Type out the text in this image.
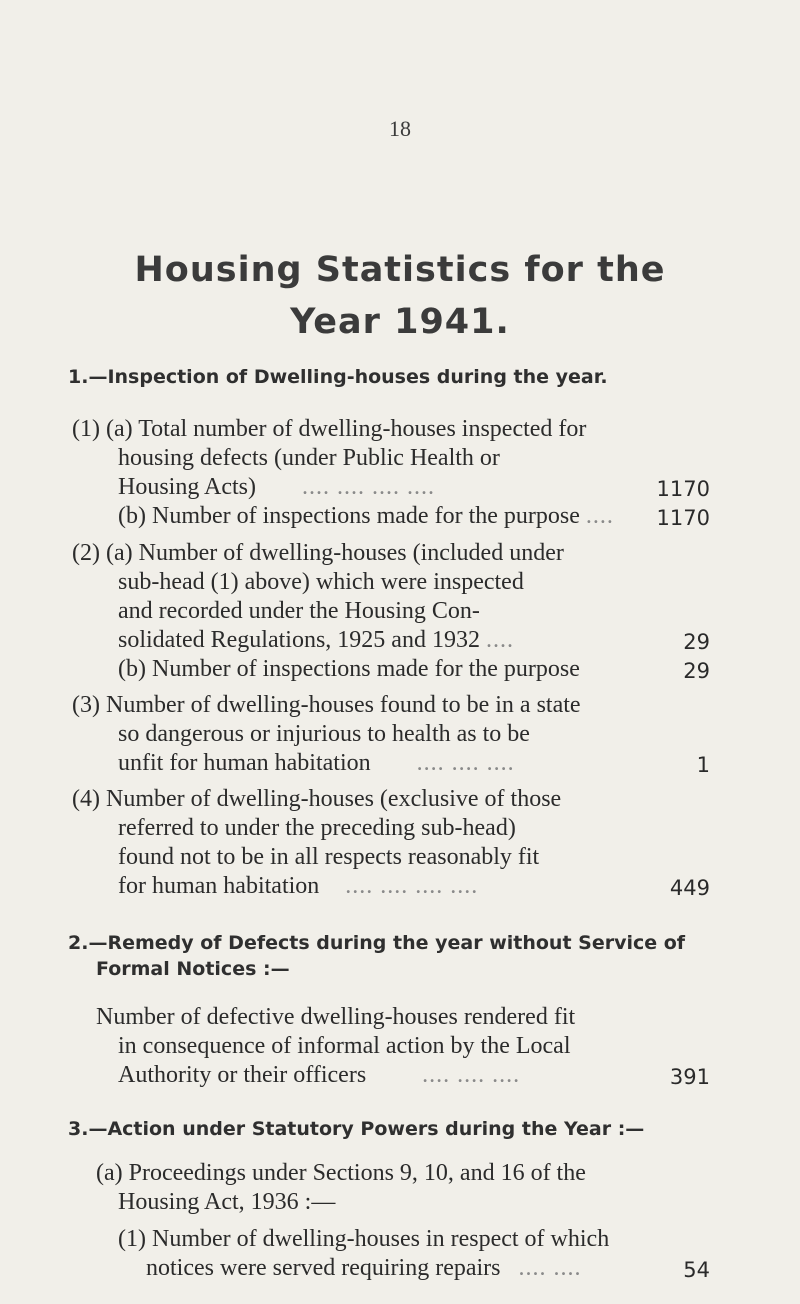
18
Housing Statistics for the
Year 1941.
1.—Inspection of Dwelling-houses during the year.
(1) (a) Total number of dwelling-houses inspected for
housing defects (under Public Health or
Housing Acts) .... .... .... ....	1170
(b) Number of inspections made for the purpose ....	1170
(2) (a) Number of dwelling-houses (included under
sub-head (1) above) which were inspected
and recorded under the Housing Con-
solidated Regulations, 1925 and 1932 ....	29
(b) Number of inspections made for the purpose	29
(3) Number of dwelling-houses found to be in a state
so dangerous or injurious to health as to be
unfit for human habitation .... .... ....	1
(4) Number of dwelling-houses (exclusive of those
referred to under the preceding sub-head)
found not to be in all respects reasonably fit
for human habitation .... .... .... ....	449
2.—Remedy of Defects during the year without Service of
Formal Notices :—
Number of defective dwelling-houses rendered fit
in consequence of informal action by the Local
Authority or their officers .... .... ....	391
3.—Action under Statutory Powers during the Year :—
(a) Proceedings under Sections 9, 10, and 16 of the
Housing Act, 1936 :—
(1) Number of dwelling-houses in respect of which
notices were served requiring repairs .... ....	54
